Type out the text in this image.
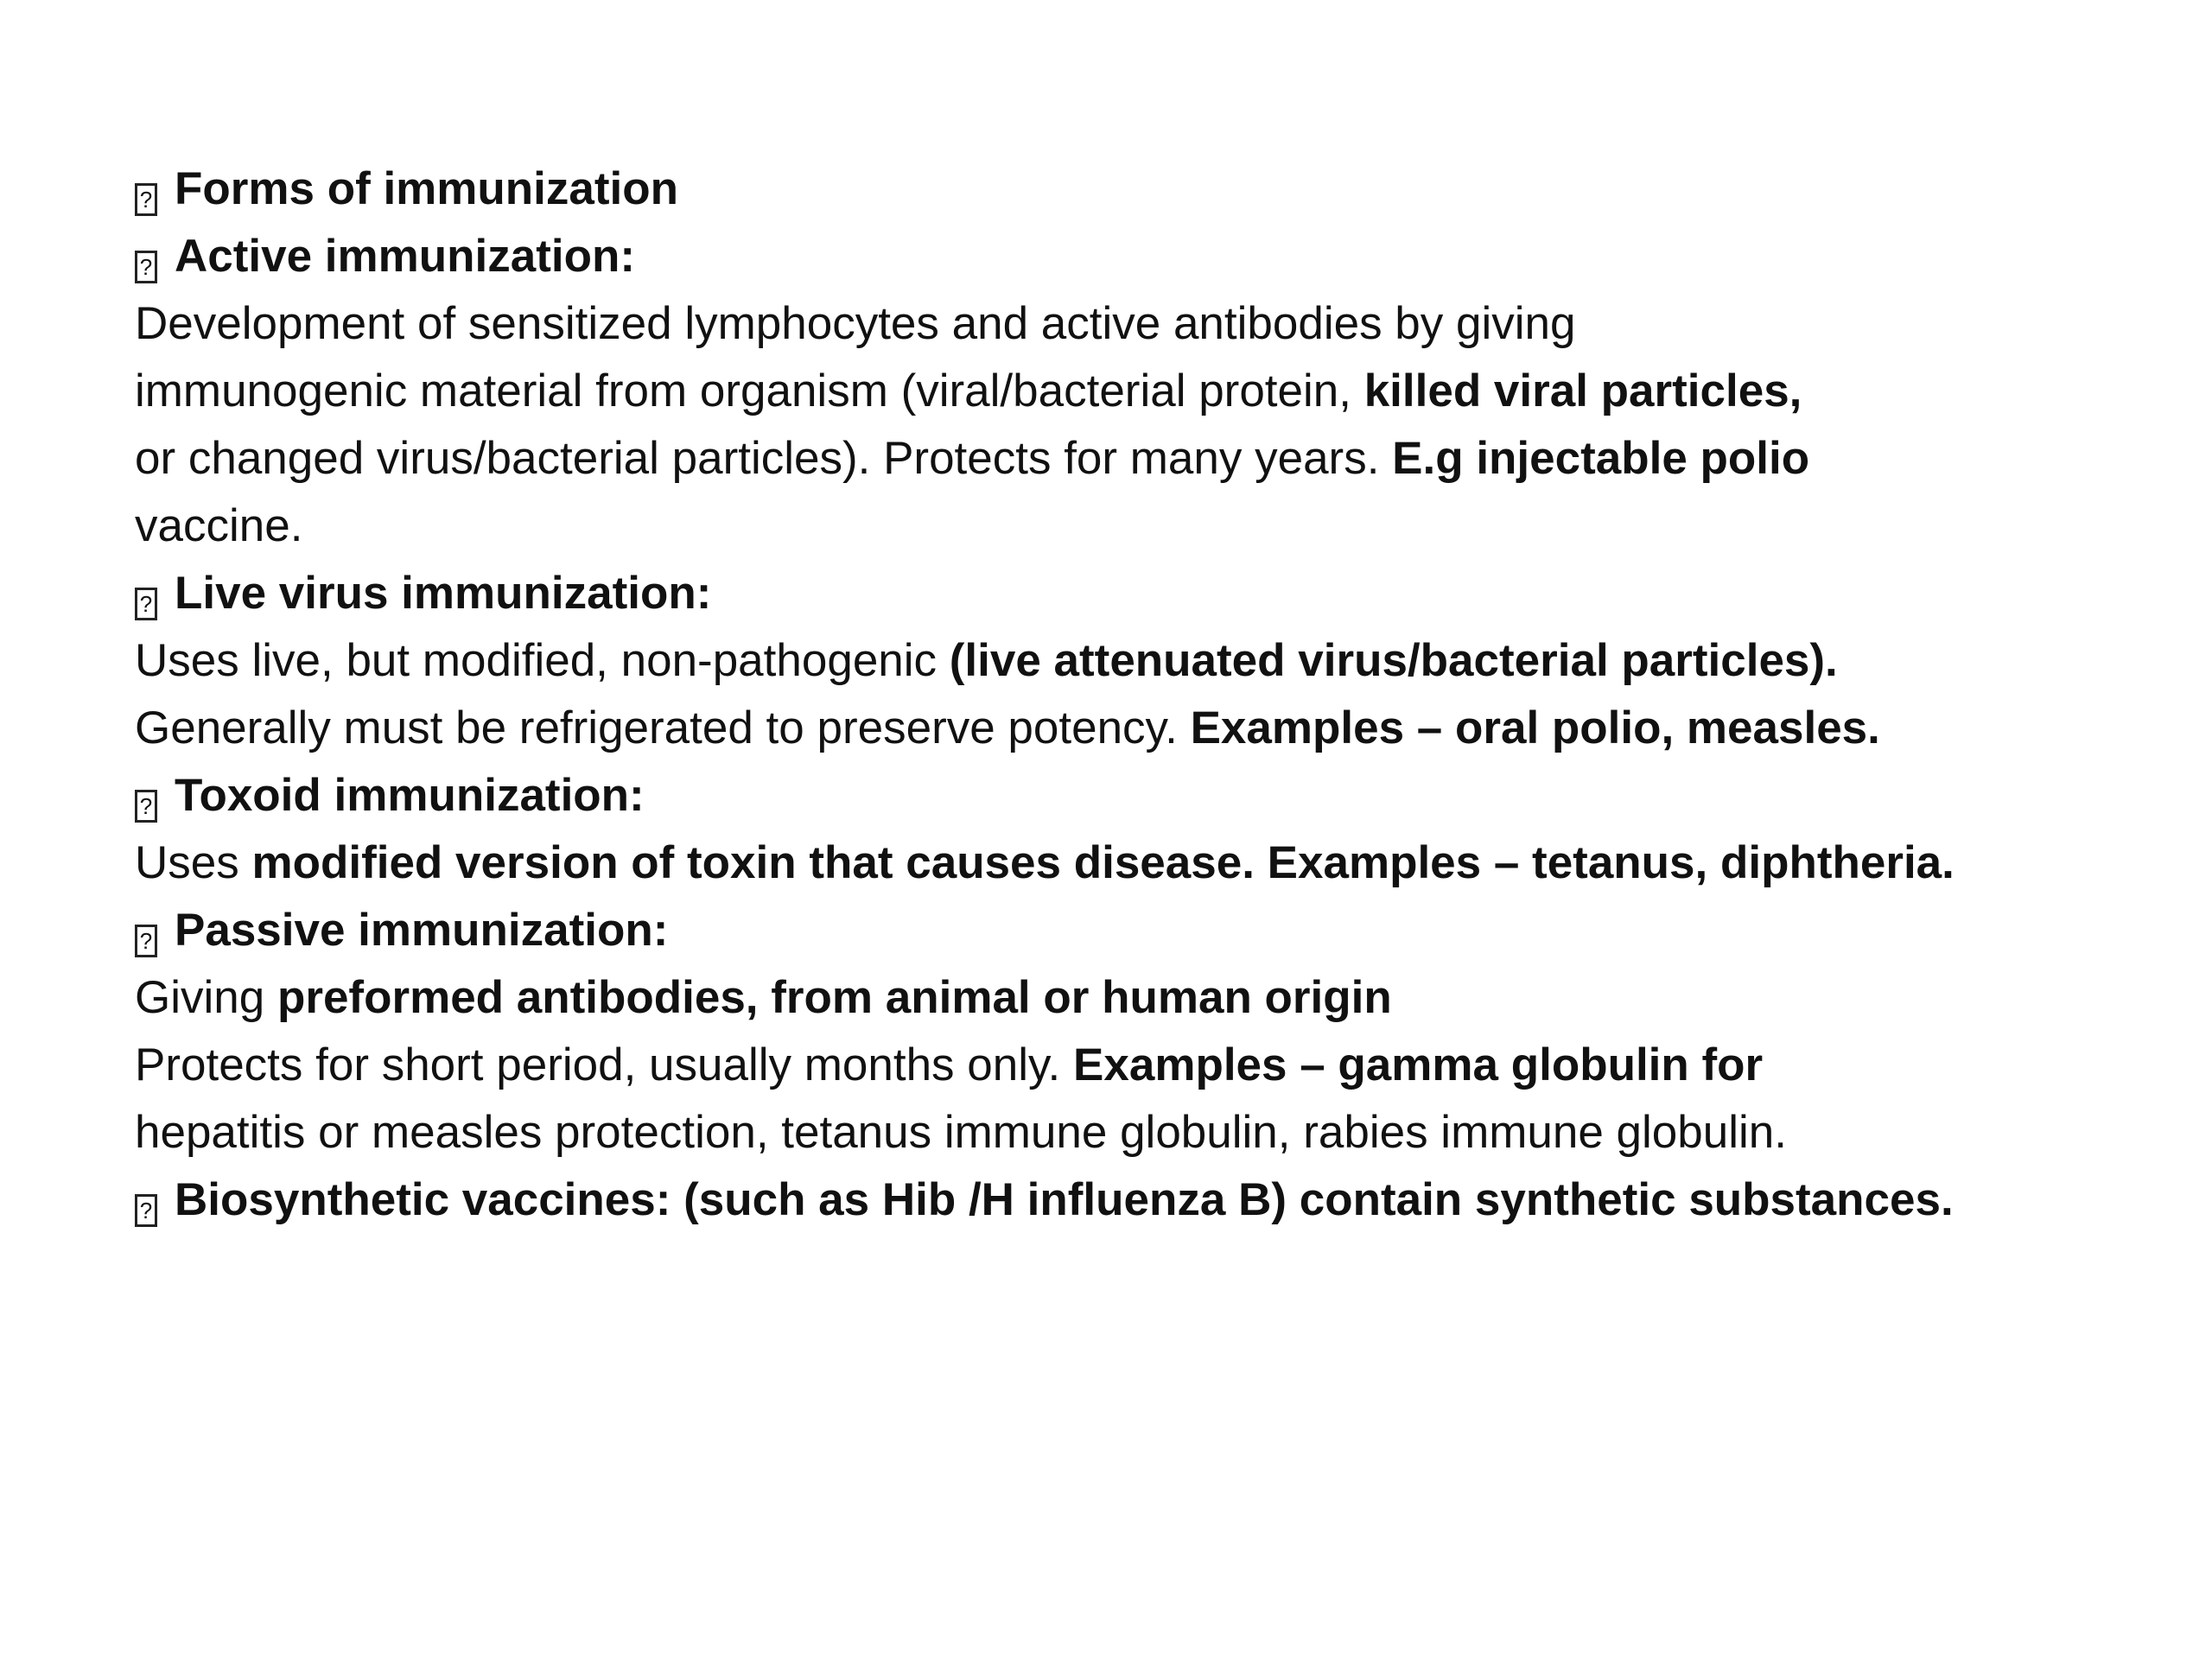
? Forms of immunization
? Active immunization:
Development of sensitized lymphocytes and active antibodies by giving
immunogenic material from organism (viral/bacterial protein, killed viral particles,
or changed virus/bacterial particles). Protects for many years. E.g injectable polio
vaccine.
? Live virus immunization:
Uses live, but modified, non-pathogenic (live attenuated virus/bacterial particles).
Generally must be refrigerated to preserve potency. Examples – oral polio, measles.
? Toxoid immunization:
Uses modified version of toxin that causes disease. Examples – tetanus, diphtheria.
? Passive immunization:
Giving preformed antibodies, from animal or human origin
Protects for short period, usually months only. Examples – gamma globulin for
hepatitis or measles protection, tetanus immune globulin, rabies immune globulin.
? Biosynthetic vaccines: (such as Hib /H influenza B) contain synthetic substances.
